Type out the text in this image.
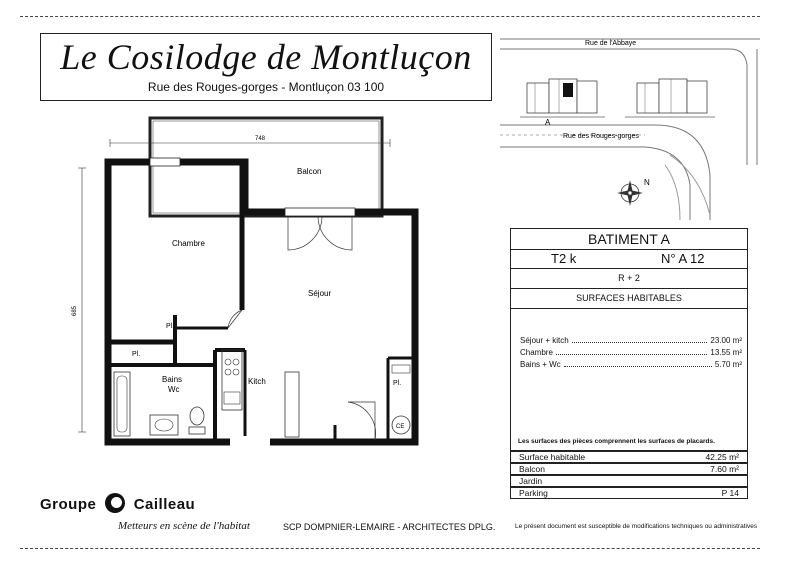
Le Cosilodge de Montluçon
Rue des Rouges-gorges - Montluçon 03 100
Rue de l'Abbaye
Rue des Rouges-gorges
A
N
748
685
Balcon
Chambre
Séjour
Bains
Wc
Kitch
Pl.
Pl.
Pl.
CE
BATIMENT A
T2 k	N° A 12
R + 2
SURFACES HABITABLES
Séjour + kitch	23.00 m²
Chambre	13.55 m²
Bains + Wc	5.70 m²
Les surfaces des pièces comprennent les surfaces de placards.
Surface habitable	42.25 m²
Balcon	7.60 m²
Jardin
Parking	P 14
Groupe Cailleau
Metteurs en scène de l'habitat	SCP DOMPNIER-LEMAIRE - ARCHITECTES DPLG.	Le présent document est susceptible de modifications techniques ou administratives
